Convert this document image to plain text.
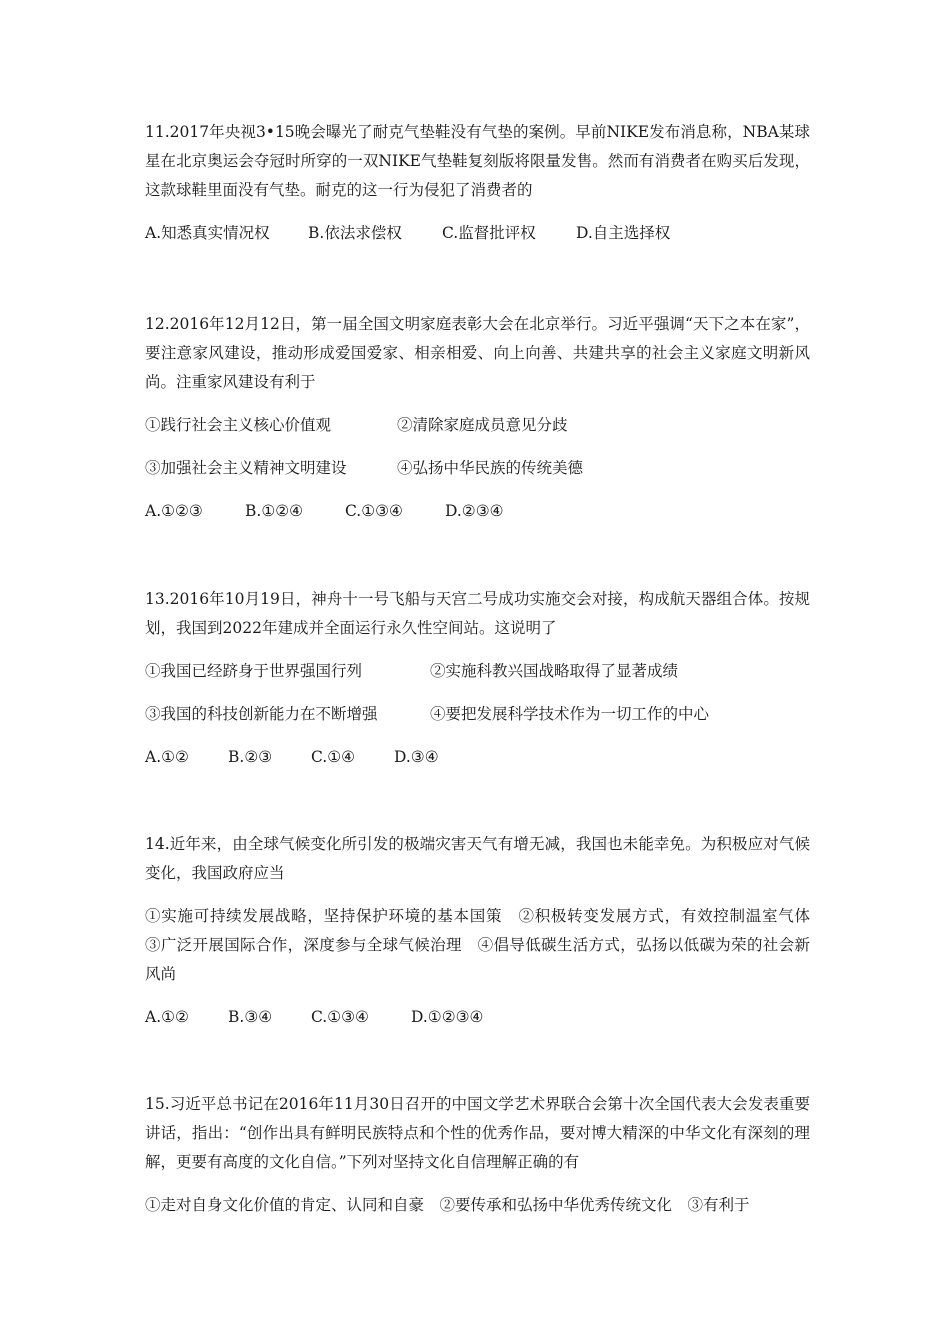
11.2017年央视3•15晚会曝光了耐克气垫鞋没有气垫的案例。早前NIKE发布消息称，NBA某球星在北京奥运会夺冠时所穿的一双NIKE气垫鞋复刻版将限量发售。然而有消费者在购买后发现，这款球鞋里面没有气垫。耐克的这一行为侵犯了消费者的

A.知悉真实情况权 B.依法求偿权	C.监督批评权	D.自主选择权

12.2016年12月12日，第一届全国文明家庭表彰大会在北京举行。习近平强调“天下之本在家”，要注意家风建设，推动形成爱国爱家、相亲相爱、向上向善、共建共享的社会主义家庭文明新风尚。注重家风建设有利于

①践行社会主义核心价值观	②清除家庭成员意见分歧
③加强社会主义精神文明建设	④弘扬中华民族的传统美德
A.①②③	B.①②④	C.①③④	D.②③④

13.2016年10月19日，神舟十一号飞船与天宫二号成功实施交会对接，构成航天器组合体。按规划，我国到2022年建成并全面运行永久性空间站。这说明了

①我国已经跻身于世界强国行列	②实施科教兴国战略取得了显著成绩
③我国的科技创新能力在不断增强	④要把发展科学技术作为一切工作的中心
A.①②	B.②③	C.①④	D.③④

14.近年来，由全球气候变化所引发的极端灾害天气有增无减，我国也未能幸免。为积极应对气候变化，我国政府应当

①实施可持续发展战略，坚持保护环境的基本国策　②积极转变发展方式，有效控制温室气体　③广泛开展国际合作，深度参与全球气候治理　④倡导低碳生活方式，弘扬以低碳为荣的社会新风尚

A.①②	B.③④	C.①③④	D.①②③④

15.习近平总书记在2016年11月30日召开的中国文学艺术界联合会第十次全国代表大会发表重要讲话，指出：“创作出具有鲜明民族特点和个性的优秀作品，要对博大精深的中华文化有深刻的理解，更要有高度的文化自信。”下列对坚持文化自信理解正确的有

①走对自身文化价值的肯定、认同和自豪　②要传承和弘扬中华优秀传统文化　③有利于
